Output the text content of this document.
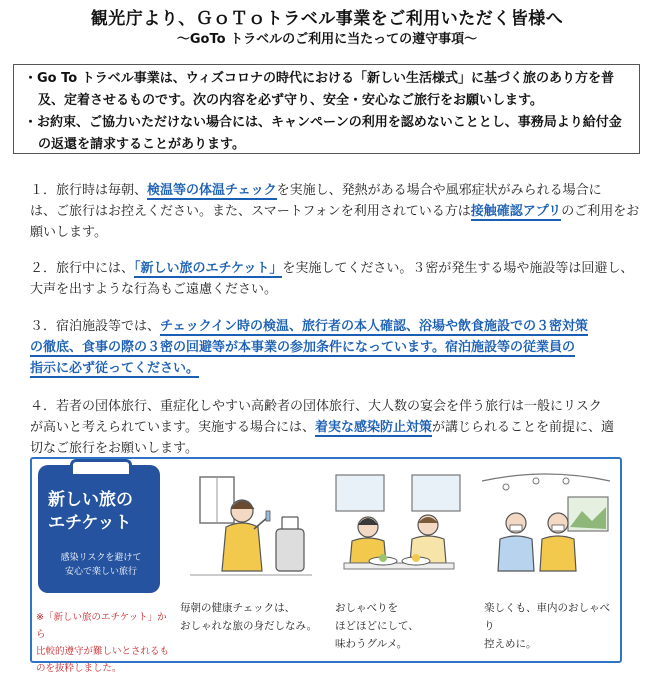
観光庁より、ＧｏＴｏトラベル事業をご利用いただく皆様へ
～GoTo トラベルのご利用に当たっての遵守事項～

・Go To トラベル事業は、ウィズコロナの時代における「新しい生活様式」に基づく旅のあり方を普

及、定着させるものです。次の内容を必ず守り、安全・安心なご旅行をお願いします。

・お約束、ご協力いただけない場合には、キャンペーンの利用を認めないこととし、事務局より給付金

の返還を請求することがあります。

１．旅行時は毎朝、検温等の体温チェックを実施し、発熱がある場合や風邪症状がみられる場合に
は、ご旅行はお控えください。また、スマートフォンを利用されている方は接触確認アプリのご利用をお
願いします。
２．旅行中には、「新しい旅のエチケット」を実施してください。３密が発生する場や施設等は回避し、
大声を出すような行為もご遠慮ください。
３．宿泊施設等では、チェックイン時の検温、旅行者の本人確認、浴場や飲食施設での３密対策
の徹底、食事の際の３密の回避等が本事業の参加条件になっています。宿泊施設等の従業員の
指示に必ず従ってください。
４．若者の団体旅行、重症化しやすい高齢者の団体旅行、大人数の宴会を伴う旅行は一般にリスク
が高いと考えられています。実施する場合には、着実な感染防止対策が講じられることを前提に、適
切なご旅行をお願いします。
新しい旅の
エチケット
感染リスクを避けて
安心で楽しい旅行
※「新しい旅のエチケット」から
比較的遵守が難しいとされるも
のを抜粋しました。
毎朝の健康チェックは、
おしゃれな旅の身だしなみ。
おしゃべりを
ほどほどにして、
味わうグルメ。
楽しくも、車内のおしゃべり
控えめに。
